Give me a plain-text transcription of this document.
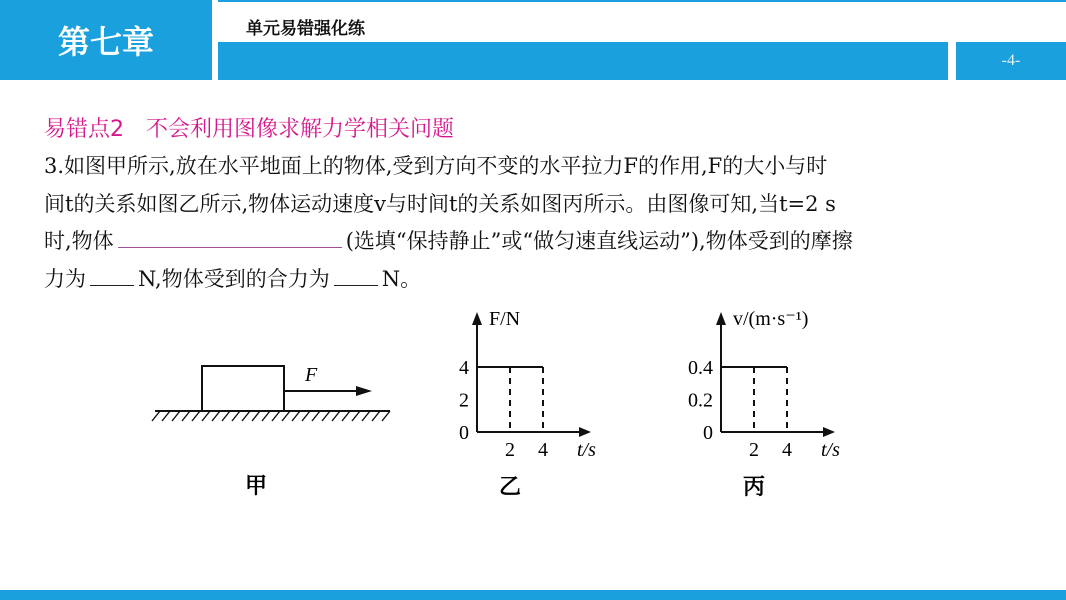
第七章	单元易错强化练
-4-
易错点2　不会利用图像求解力学相关问题
3.如图甲所示,放在水平地面上的物体,受到方向不变的水平拉力F的作用,F的大小与时
间t的关系如图乙所示,物体运动速度v与时间t的关系如图丙所示。由图像可知,当t=2 s
时,物体	(选填“保持静止”或“做匀速直线运动”),物体受到的摩擦
力为 N,物体受到的合力为 N。
F
甲
4
2
0
2 4 t/s
F/N
乙
0.4
0.2
0
2 4 t/s
v/(m·s⁻¹)
丙
